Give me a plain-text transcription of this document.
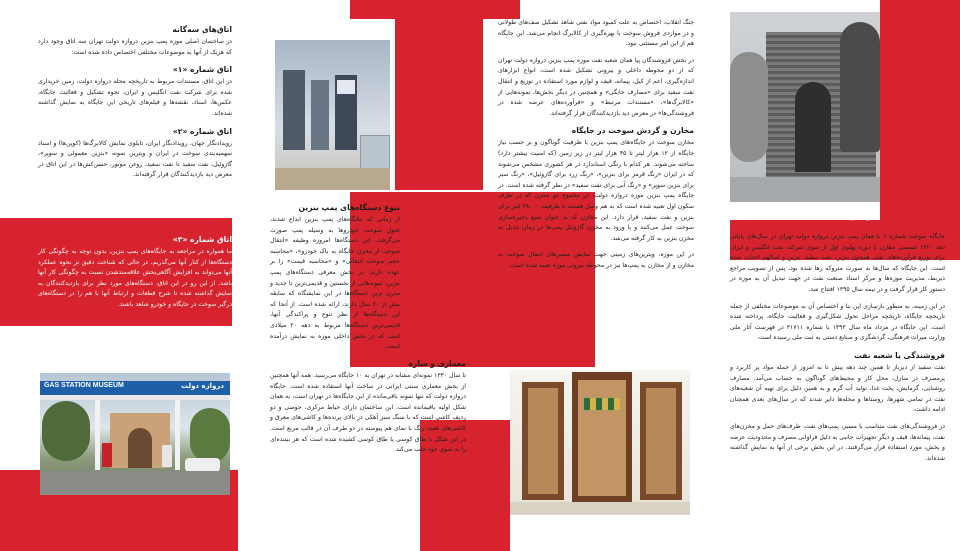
اتاق‌های سه‌گانه

در ساختمان اصلی موزه پمپ بنزین دروازه دولت تهران سه اتاق وجود دارد که هریک از آنها به موضوعات مختلفی اختصاص داده شده است:

اتاق شماره «۱»

در این اتاق، مستندات مربوط به تاریخچه محله دروازه دولت، زمین خریداری شده برای شرکت نفت انگلیس و ایران، نحوه تشکیل و فعالیت جایگاه، عکس‌ها، اسناد، نقشه‌ها و فیلم‌های تاریخی این جایگاه به نمایش گذاشته شده‌اند.

اتاق شماره «۲»

رویدادنگار جهان، رویدادنگار ایران، تابلوی نمایش کالابرگ‌ها (کوپن‌ها) و اسناد سهمیه‌بندی سوخت در ایران و ویترین نمونه «بنزین معمولی و سوپر»، گازوئیل، نفت سفید تا نفت سفید، روغن موتور، حسن‌کش‌ها در این اتاق در معرض دید بازدیدکنندگان قرار گرفته‌اند.

اتاق شماره «۳»

ما همواره در مراجعه به جایگاه‌های پمپ بنزین، بدون توجه به چگونگی کار دستگاه‌ها از کنار آنها می‌گذریم، در حالی که شناخت دقیق تر نحوه عملکرد آنها می‌تواند به افزایش آگاهی‌بخش علاقه‌مندشدن نسبت به چگونگی کار آنها باشد. از این رو در این اتاق، دستگاه‌های مورد نظر برای بازدیدکنندگان به نمایش گذاشته شده تا شرح قطعات و ارتباط آنها با هم را در دستگاه‌های درگیر سوخت در جایگاه و خودرو شاهد باشند.

GAS STATION MUSEUM	دروازه دولت
تنوع دستگاه‌های پمپ بنزین

از زمانی که جایگاه‌های پمپ بنزین ابداع شدند، تحول سوخت خودروها به وسیله پمپ صورت می‌گرفت. این دستگاه‌ها امروزه وظیفه «انتقال سوخت از مخزن جایگاه به باک خودرو»، «محاسبه حجم سوخت انتقالی» و «محاسبه قیمت» را بر عهده دارند. در بخش معرفی دستگاه‌های پمپ بنزین، نمونه‌هایی از نخستین و قدیمی‌ترین تا جدید و مدرن ترین دستگاه‌ها در این نمایشگاه که سابقه بیش از ۶۰ سال دارند، ارائه شده است. از آنجا که این دستگاه‌ها از نظر تنوع و پراکندگی آنها، قدیمی‌ترین دستگاه‌ها مربوط به دهه ۲۰ میلادی است که در بخش داخلی موزه به نمایش درآمده است.

معماری و سازه

تا سال ۱۳۳۰ نمونه‌ای مشابه در تهران به ۱۰ جایگاه می‌رسید. همه آنها همچنین از بخش معماری سنتی ایرانی در ساخت آنها استفاده شده است. جایگاه دروازه دولت که تنها نمونه باقی‌مانده از این جایگاه‌ها در تهران است، به همان شکل اولیه باقیمانده است. این ساختمان دارای حیاط مرکزی، حوضی و دو ردیف کاشی است که با سنگ سبز آهکی در بالای پرنده‌ها و کاشی‌های معرق و کاشی‌های هفت رنگ با نمای هم پیوسته در دو طرف آن در قالب مربع است. در این شکل با طاق کوسی یا طاق کوسی کشیده شده است که هر بیننده‌ای را به سوی خود جلب می‌کند.

جنگ انقلاب، اختصاص به علت کمبود مواد نفتی شاهد تشکیل صف‌های طولانی و در مواردی فروش سوخت با بهره‌گیری از کالابرگ انجام می‌شد. این جایگاه هم از این امر مستثنی نبود.

در بخش فروشندگان پیا همان شعبه نفت موزه پمپ بنزین دروازه دولت تهران که از دو محوطه داخلی و بیرونی تشکیل شده است، انواع ابزارهای اندازه‌گیری، اعم از کیل، پیمانه، قیف و لوازم مورد استفاده در توزیع و انتقال نفت سفید برای «مصارف خانگی» و همچنین در دیگر بخش‌ها، نمونه‌هایی از «کالابرگ‌ها»، «مستندات مرتبط» و «فرآورده‌های عرضه شده در فروشندگی‌ها» در معرض دید بازدیدکنندگان قرار گرفته‌اند.

مخازن و گردش سوخت در جایگاه

مخازن سوخت در جایگاه‌های پمپ بنزین با ظرفیت گوناگون و بر حسب نیاز جایگاه از ۱۲ هزار لیتر تا ۴۵ هزار لیتر در زیر زمین (که امنیت بیشتر دارد) ساخته می‌شوند. هر کدام با رنگی استاندارد در هر کشوری مشخص می‌شوند که در ایران «رنگ قرمز برای بنزین»، «رنگ زرد برای گازوئیل»، «رنگ سبز برای بنزین سوپر» و «رنگ آبی برای نفت سفید» در نظر گرفته شده است. در جایگاه پمپ بنزین موزه دروازه دولت، در مجموع دو مخزن که در طرف سکون اول تعبیه شده است که به هم وصل هستند با ظرفیت ۲۸۰۰۰ لیتر برای بنزین و نفت سفید، قرار دارد. این مخازن که به عنوان منبع ذخیره‌سازی سوخت عمل می‌کنند و با ورود به مخزن گازوئیل پمپ‌ها در زمان تبدیل به مخزن بنزین به کار گرفته می‌شد.

در این موزه، ویترین‌های زمینی جهت نمایش مسیرهای انتقال سوخت به مخازن و از مخازن به پمپ‌ها نیز در محوطه بیرونی موزه تعبیه شده است.

تاریخچه

جایگاه سوخت شماره ۶ یا همان پمپ بنزین دروازه دولت تهران در سال‌های پایانی دهه ۱۳۲۰ شمسی مقارن با دوره پهلوی اول از سوی شرکت نفت انگلیس و ایران برای توزیع فرآورده‌های نفتی همچون بنزین، نفت سفید، بنزین و امثالهم احداث شده است. این جایگاه که سال‌ها به صورت متروکه رها شده بود، پس از تصویب مراجع ذیربط، مدیریت موزه‌ها و مرکز اسناد صنعت نفت در جهت تبدیل آن به موزه در دستور کار قرار گرفت و در نیمه سال ۱۳۹۵ افتتاح شد.

در این زمینه، به منظور بازسازی این بنا و اختصاص آن به موضوعات مختلفی از جمله تاریخچه جایگاه، تاریخچه مراحل تحول شکل‌گیری و فعالیت جایگاه، پرداخته شده است. این جایگاه در مرداد ماه سال ۱۳۹۳ با شماره ۳۱۷۱۱ در فهرست آثار ملی وزارت میراث فرهنگی، گردشگری و صنایع دستی به ثبت ملی رسیده است.

فروشندگی یا شعبه نفت

نفت سفید از دیرباز تا همین چند دهه پیش تا به امروز از جمله مواد پر کاربرد و پرمصرف در منازل، محل کار و محیط‌های گوناگون به حساب می‌آمد. مصارف روشنایی، گرمایش، پخت غذا، تولید آب گرم و به همین دلیل برای تهیه آن شعبه‌های نفت در تمامی شهرها، روستاها و محله‌ها دایر شدند که در سال‌های بعدی همچنان ادامه داشت.

در فروشندگی‌های نفت متناسب با مسیر، پمپ‌های نفت، ظرف‌های حمل و مخزن‌های نفت، پیمانه‌ها، قیف و دیگر تجهیزات جانبی به دلیل فراوانی مصرف و محدودیت عرضه و پخش، مورد استفاده قرار می‌گرفتند. در این بخش برخی از آنها به نمایش گذاشته شده‌اند.
